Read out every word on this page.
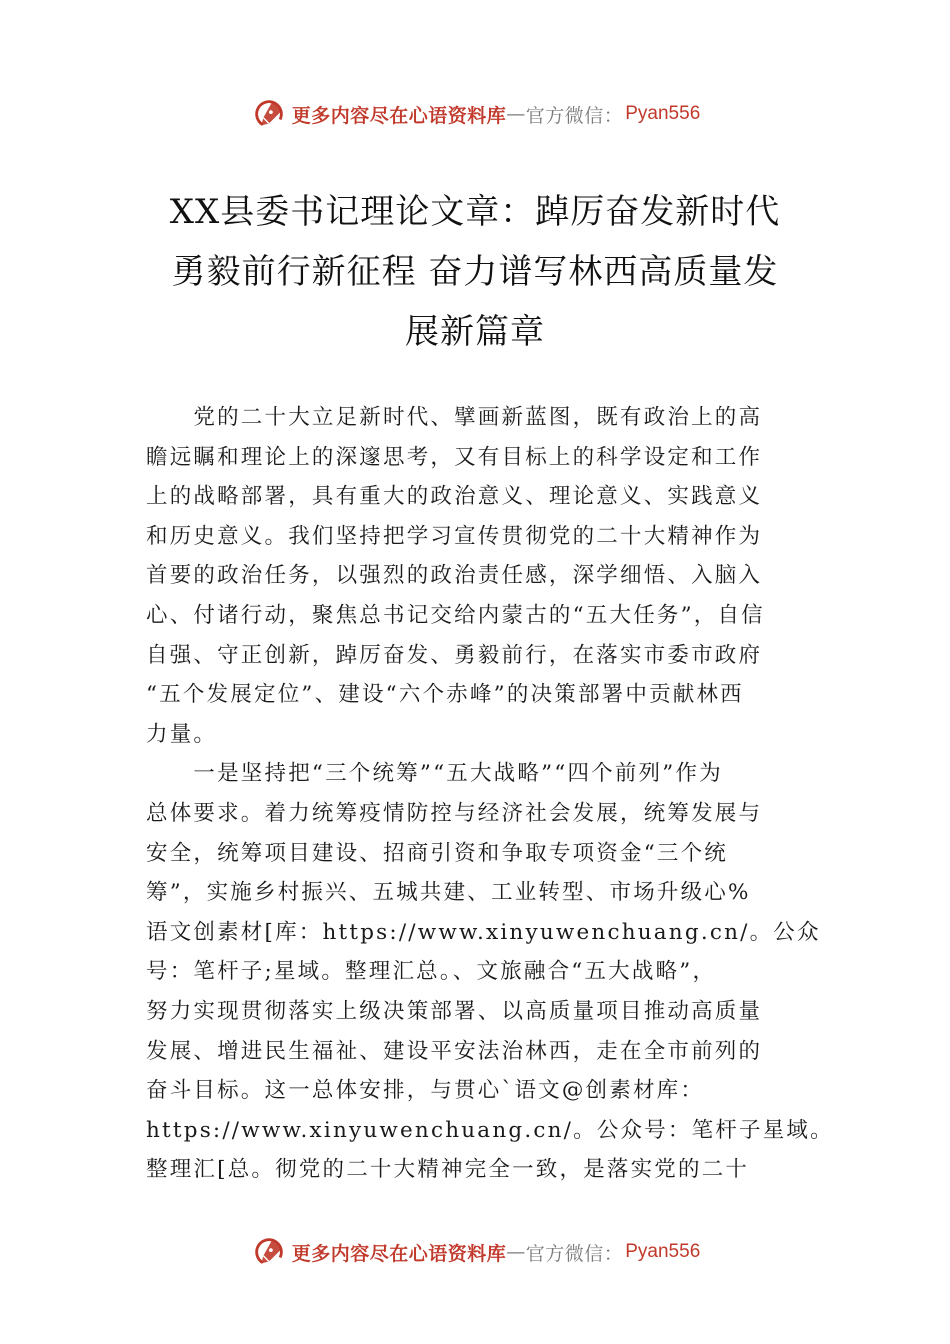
更多内容尽在心语资料库 — 官方微信： Pyan556
XX县委书记理论文章：踔厉奋发新时代
勇毅前行新征程 奋力谱写林西高质量发
展新篇章
　　党的二十大立足新时代、擘画新蓝图，既有政治上的高
瞻远瞩和理论上的深邃思考，又有目标上的科学设定和工作
上的战略部署，具有重大的政治意义、理论意义、实践意义
和历史意义。我们坚持把学习宣传贯彻党的二十大精神作为
首要的政治任务，以强烈的政治责任感，深学细悟、入脑入
心、付诸行动，聚焦总书记交给内蒙古的“五大任务”，自信
自强、守正创新，踔厉奋发、勇毅前行，在落实市委市政府
“五个发展定位”、建设“六个赤峰”的决策部署中贡献林西
力量。
　　一是坚持把“三个统筹”“五大战略”“四个前列”作为
总体要求。着力统筹疫情防控与经济社会发展，统筹发展与
安全，统筹项目建设、招商引资和争取专项资金“三个统
筹”，实施乡村振兴、五城共建、工业转型、市场升级心%
语文创素材[库：https://www.xinyuwenchuang.cn/。公众
号：笔杆子;星域。整理汇总。、文旅融合“五大战略”，
努力实现贯彻落实上级决策部署、以高质量项目推动高质量
发展、增进民生福祉、建设平安法治林西，走在全市前列的
奋斗目标。这一总体安排，与贯心`语文@创素材库：
https://www.xinyuwenchuang.cn/。公众号：笔杆子星域。
整理汇[总。彻党的二十大精神完全一致，是落实党的二十
更多内容尽在心语资料库 — 官方微信： Pyan556
